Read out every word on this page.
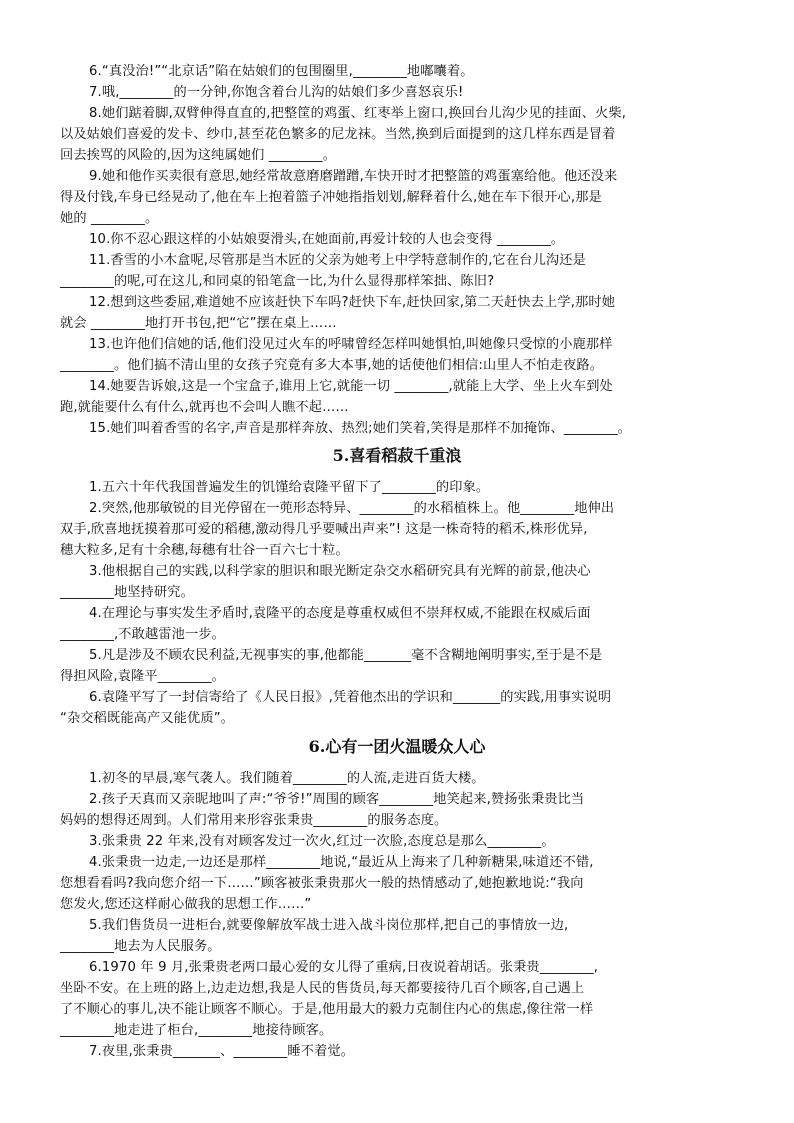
6.“真没治!”“北京话”陷在姑娘们的包围圈里,________地嘟囔着。
7.哦,________的一分钟,你饱含着台儿沟的姑娘们多少喜怒哀乐!
8.她们踮着脚,双臂伸得直直的,把整筐的鸡蛋、红枣举上窗口,换回台儿沟少见的挂面、火柴,
以及姑娘们喜爱的发卡、纱巾,甚至花色繁多的尼龙袜。当然,换到后面提到的这几样东西是冒着
回去挨骂的风险的,因为这纯属她们 ________。
9.她和他作买卖很有意思,她经常故意磨磨蹭蹭,车快开时才把整篮的鸡蛋塞给他。他还没来
得及付钱,车身已经晃动了,他在车上抱着篮子冲她指指划划,解释着什么,她在车下很开心,那是
她的 ________。
10.你不忍心跟这样的小姑娘耍滑头,在她面前,再爱计较的人也会变得 ________。
11.香雪的小木盒呢,尽管那是当木匠的父亲为她考上中学特意制作的,它在台儿沟还是
________的呢,可在这儿,和同桌的铅笔盒一比,为什么显得那样笨拙、陈旧?
12.想到这些委屈,难道她不应该赶快下车吗?赶快下车,赶快回家,第二天赶快去上学,那时她
就会 ________地打开书包,把“它”摆在桌上……
13.也许他们信她的话,他们没见过火车的呼啸曾经怎样叫她惧怕,叫她像只受惊的小鹿那样
________。他们搞不清山里的女孩子究竟有多大本事,她的话使他们相信:山里人不怕走夜路。
14.她要告诉娘,这是一个宝盒子,谁用上它,就能一切 ________,就能上大学、坐上火车到处
跑,就能要什么有什么,就再也不会叫人瞧不起……
15.她们叫着香雪的名字,声音是那样奔放、热烈;她们笑着,笑得是那样不加掩饰、________。
5.喜看稻菽千重浪
1.五六十年代我国普遍发生的饥馑给袁隆平留下了________的印象。
2.突然,他那敏锐的目光停留在一蔸形态特异、________的水稻植株上。他________地伸出
双手,欣喜地抚摸着那可爱的稻穗,激动得几乎要喊出声来”! 这是一株奇特的稻禾,株形优异,
穗大粒多,足有十余穗,每穗有壮谷一百六七十粒。
3.他根据自己的实践,以科学家的胆识和眼光断定杂交水稻研究具有光辉的前景,他决心
________地坚持研究。
4.在理论与事实发生矛盾时,袁隆平的态度是尊重权威但不崇拜权威,不能跟在权威后面
________,不敢越雷池一步。
5.凡是涉及不顾农民利益,无视事实的事,他都能_______毫不含糊地阐明事实,至于是不是
得担风险,袁隆平________。
6.袁隆平写了一封信寄给了《人民日报》,凭着他杰出的学识和_______的实践,用事实说明
“杂交稻既能高产又能优质”。
6.心有一团火温暖众人心
1.初冬的早晨,寒气袭人。我们随着________的人流,走进百货大楼。
2.孩子天真而又亲昵地叫了声:“爷爷!”周围的顾客________地笑起来,赞扬张秉贵比当
妈妈的想得还周到。人们常用来形容张秉贵________的服务态度。
3.张秉贵 22 年来,没有对顾客发过一次火,红过一次脸,态度总是那么________。
4.张秉贵一边走,一边还是那样________地说,“最近从上海来了几种新糖果,味道还不错,
您想看看吗?我向您介绍一下……”顾客被张秉贵那火一般的热情感动了,她抱歉地说:“我向
您发火,您还这样耐心做我的思想工作……”
5.我们售货员一进柜台,就要像解放军战士进入战斗岗位那样,把自己的事情放一边,
________地去为人民服务。
6.1970 年 9 月,张秉贵老两口最心爱的女儿得了重病,日夜说着胡话。张秉贵________,
坐卧不安。在上班的路上,边走边想,我是人民的售货员,每天都要接待几百个顾客,自己遇上
了不顺心的事儿,决不能让顾客不顺心。于是,他用最大的毅力克制住内心的焦虑,像往常一样
________地走进了柜台,________地接待顾客。
7.夜里,张秉贵_______、________睡不着觉。
